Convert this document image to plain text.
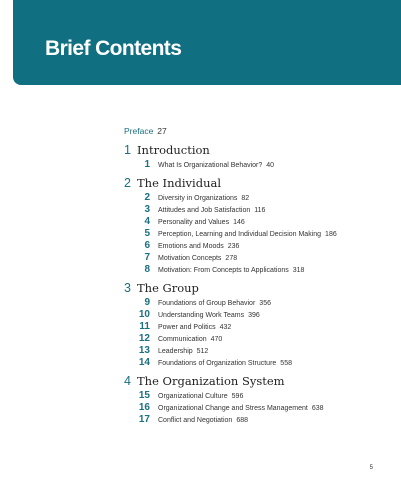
Brief Contents
Preface 27
1 Introduction
1	What Is Organizational Behavior? 40
2 The Individual
2	Diversity in Organizations 82
3	Attitudes and Job Satisfaction 116
4	Personality and Values 146
5	Perception, Learning and Individual Decision Making 186
6	Emotions and Moods 236
7	Motivation Concepts 278
8	Motivation: From Concepts to Applications 318
3 The Group
9	Foundations of Group Behavior 356
10	Understanding Work Teams 396
11	Power and Politics 432
12	Communication 470
13	Leadership 512
14	Foundations of Organization Structure 558
4 The Organization System
15	Organizational Culture 596
16	Organizational Change and Stress Management 638
17	Conflict and Negotiation 688
5
